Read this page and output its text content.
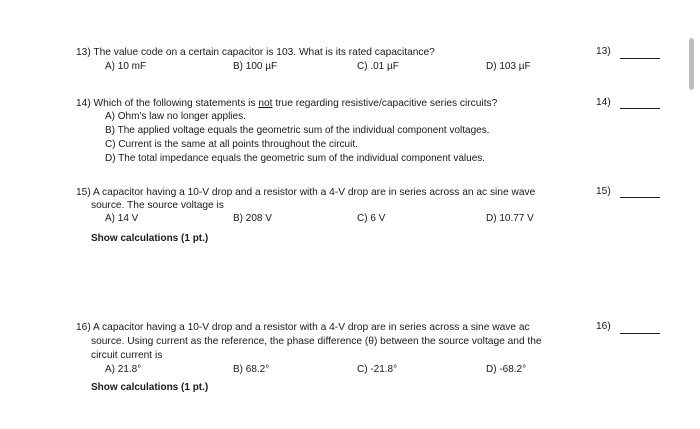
13) The value code on a certain capacitor is 103. What is its rated capacitance?
A) 10 mF	B) 100 µF	C) .01 µF	D) 103 µF
13)
14) Which of the following statements is not true regarding resistive/capacitive series circuits?
A) Ohm's law no longer applies.
B) The applied voltage equals the geometric sum of the individual component voltages.
C) Current is the same at all points throughout the circuit.
D) The total impedance equals the geometric sum of the individual component values.
14)
15) A capacitor having a 10-V drop and a resistor with a 4-V drop are in series across an ac sine wave
source. The source voltage is
A) 14 V	B) 208 V	C) 6 V	D) 10.77 V
Show calculations (1 pt.)
15)
16) A capacitor having a 10-V drop and a resistor with a 4-V drop are in series across a sine wave ac
source. Using current as the reference, the phase difference (θ) between the source voltage and the
circuit current is
A) 21.8°	B) 68.2°	C) -21.8°	D) -68.2°
Show calculations (1 pt.)
16)
